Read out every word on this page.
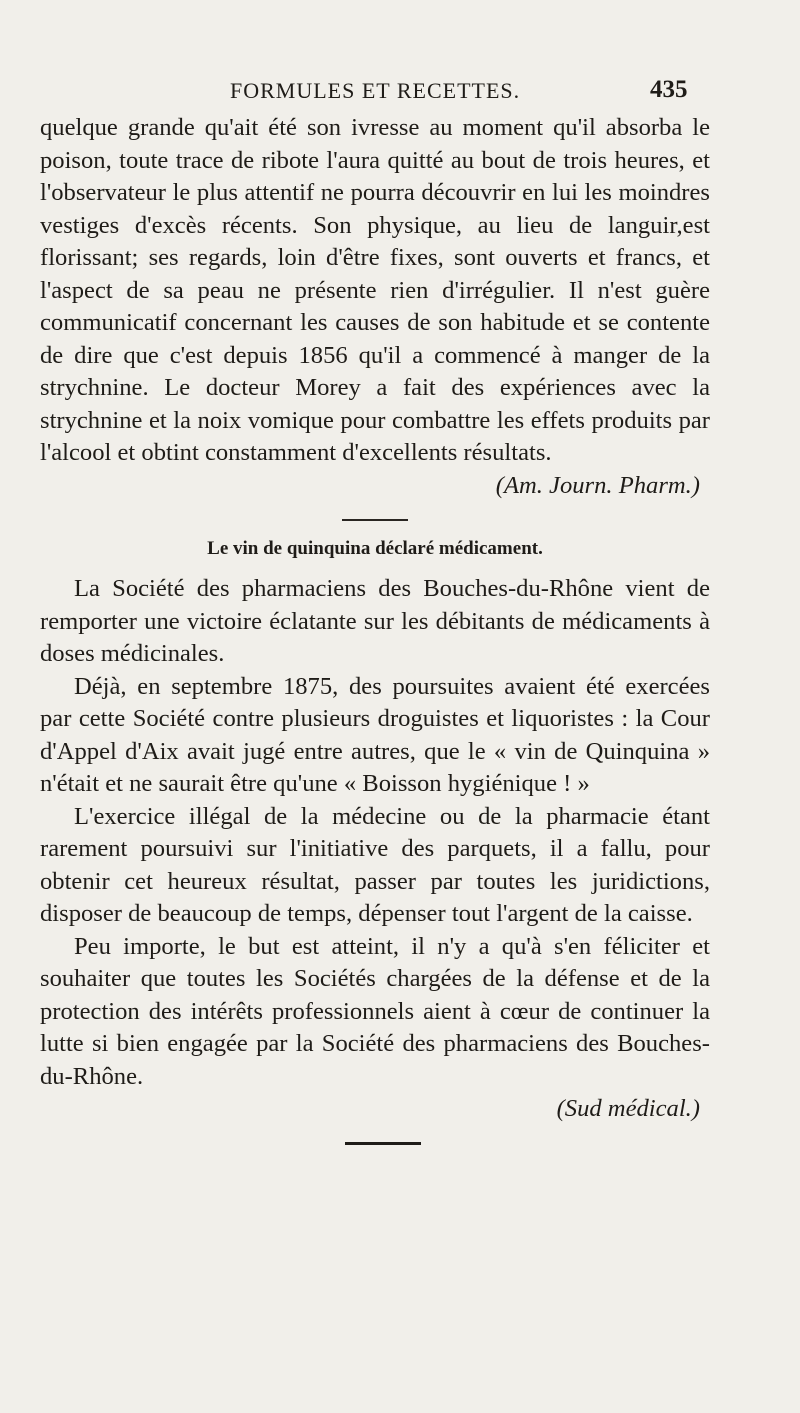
FORMULES ET RECETTES.	435

quelque grande qu'ait été son ivresse au moment qu'il absorba le poison, toute trace de ribote l'aura quitté au bout de trois heures, et l'observateur le plus attentif ne pourra découvrir en lui les moindres vestiges d'excès récents. Son physique, au lieu de languir,est florissant; ses regards, loin d'être fixes, sont ouverts et francs, et l'aspect de sa peau ne présente rien d'irrégulier. Il n'est guère communicatif concernant les causes de son habitude et se contente de dire que c'est depuis 1856 qu'il a commencé à manger de la strychnine. Le docteur Morey a fait des expériences avec la strychnine et la noix vomique pour combattre les effets produits par l'alcool et obtint constamment d'excellents résultats.

(Am. Journ. Pharm.)

Le vin de quinquina déclaré médicament.

La Société des pharmaciens des Bouches-du-Rhône vient de remporter une victoire éclatante sur les débitants de médicaments à doses médicinales.

Déjà, en septembre 1875, des poursuites avaient été exercées par cette Société contre plusieurs droguistes et liquoristes : la Cour d'Appel d'Aix avait jugé entre autres, que le « vin de Quinquina » n'était et ne saurait être qu'une « Boisson hygiénique ! »

L'exercice illégal de la médecine ou de la pharmacie étant rarement poursuivi sur l'initiative des parquets, il a fallu, pour obtenir cet heureux résultat, passer par toutes les juridictions, disposer de beaucoup de temps, dépenser tout l'argent de la caisse.

Peu importe, le but est atteint, il n'y a qu'à s'en féliciter et souhaiter que toutes les Sociétés chargées de la défense et de la protection des intérêts professionnels aient à cœur de continuer la lutte si bien engagée par la Société des pharmaciens des Bouches-du-Rhône.

(Sud médical.)
